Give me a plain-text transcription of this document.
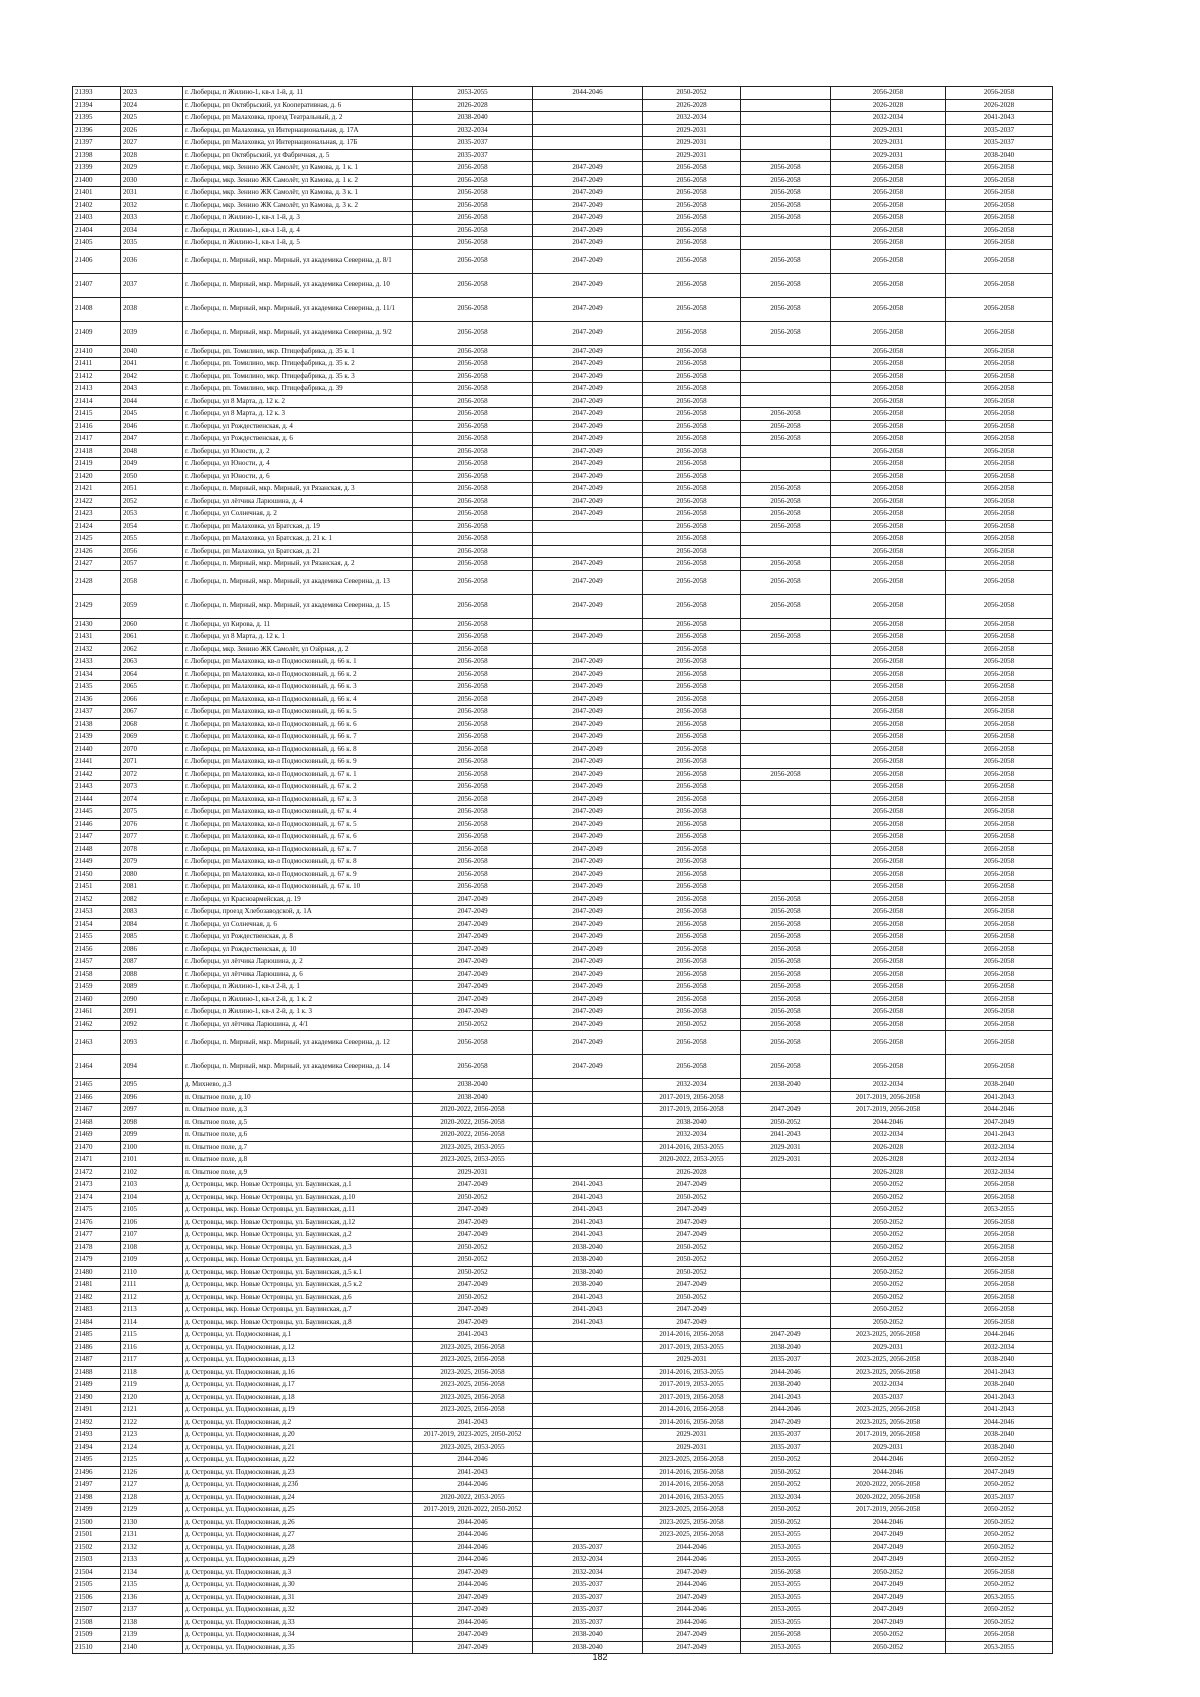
21393	2023	г. Люберцы, п Жилино-1, кв-л 1-й, д. 11	2053-2055	2044-2046	2050-2052		2056-2058	2056-2058
21394	2024	г. Люберцы, рп Октябрьский, ул Кооперативная, д. 6	2026-2028		2026-2028		2026-2028	2026-2028
21395	2025	г. Люберцы, рп Малаховка, проезд Театральный, д. 2	2038-2040		2032-2034		2032-2034	2041-2043
21396	2026	г. Люберцы, рп Малаховка, ул Интернациональная, д. 17А	2032-2034		2029-2031		2029-2031	2035-2037
21397	2027	г. Люберцы, рп Малаховка, ул Интернациональная, д. 17Б	2035-2037		2029-2031		2029-2031	2035-2037
21398	2028	г. Люберцы, рп Октябрьский, ул Фабричная, д. 5	2035-2037		2029-2031		2029-2031	2038-2040
21399	2029	г. Люберцы, мкр. Зенино ЖК Самолёт, ул Камова, д. 1 к. 1	2056-2058	2047-2049	2056-2058	2056-2058	2056-2058	2056-2058
21400	2030	г. Люберцы, мкр. Зенино ЖК Самолёт, ул Камова, д. 1 к. 2	2056-2058	2047-2049	2056-2058	2056-2058	2056-2058	2056-2058
21401	2031	г. Люберцы, мкр. Зенино ЖК Самолёт, ул Камова, д. 3 к. 1	2056-2058	2047-2049	2056-2058	2056-2058	2056-2058	2056-2058
21402	2032	г. Люберцы, мкр. Зенино ЖК Самолёт, ул Камова, д. 3 к. 2	2056-2058	2047-2049	2056-2058	2056-2058	2056-2058	2056-2058
21403	2033	г. Люберцы, п Жилино-1, кв-л 1-й, д. 3	2056-2058	2047-2049	2056-2058	2056-2058	2056-2058	2056-2058
21404	2034	г. Люберцы, п Жилино-1, кв-л 1-й, д. 4	2056-2058	2047-2049	2056-2058		2056-2058	2056-2058
21405	2035	г. Люберцы, п Жилино-1, кв-л 1-й, д. 5	2056-2058	2047-2049	2056-2058		2056-2058	2056-2058
21406	2036	г. Люберцы, п. Мирный, мкр. Мирный, ул академика Северина, д. 8/1	2056-2058	2047-2049	2056-2058	2056-2058	2056-2058	2056-2058
21407	2037	г. Люберцы, п. Мирный, мкр. Мирный, ул академика Северина, д. 10	2056-2058	2047-2049	2056-2058	2056-2058	2056-2058	2056-2058
21408	2038	г. Люберцы, п. Мирный, мкр. Мирный, ул академика Северина, д. 11/1	2056-2058	2047-2049	2056-2058	2056-2058	2056-2058	2056-2058
21409	2039	г. Люберцы, п. Мирный, мкр. Мирный, ул академика Северина, д. 9/2	2056-2058	2047-2049	2056-2058	2056-2058	2056-2058	2056-2058
21410	2040	г. Люберцы, рп. Томилино, мкр. Птицефабрика, д. 35 к. 1	2056-2058	2047-2049	2056-2058		2056-2058	2056-2058
21411	2041	г. Люберцы, рп. Томилино, мкр. Птицефабрика, д. 35 к. 2	2056-2058	2047-2049	2056-2058		2056-2058	2056-2058
21412	2042	г. Люберцы, рп. Томилино, мкр. Птицефабрика, д. 35 к. 3	2056-2058	2047-2049	2056-2058		2056-2058	2056-2058
21413	2043	г. Люберцы, рп. Томилино, мкр. Птицефабрика, д. 39	2056-2058	2047-2049	2056-2058		2056-2058	2056-2058
21414	2044	г. Люберцы, ул 8 Марта, д. 12 к. 2	2056-2058	2047-2049	2056-2058		2056-2058	2056-2058
21415	2045	г. Люберцы, ул 8 Марта, д. 12 к. 3	2056-2058	2047-2049	2056-2058	2056-2058	2056-2058	2056-2058
21416	2046	г. Люберцы, ул Рождественская, д. 4	2056-2058	2047-2049	2056-2058	2056-2058	2056-2058	2056-2058
21417	2047	г. Люберцы, ул Рождественская, д. 6	2056-2058	2047-2049	2056-2058	2056-2058	2056-2058	2056-2058
21418	2048	г. Люберцы, ул Юности, д. 2	2056-2058	2047-2049	2056-2058		2056-2058	2056-2058
21419	2049	г. Люберцы, ул Юности, д. 4	2056-2058	2047-2049	2056-2058		2056-2058	2056-2058
21420	2050	г. Люберцы, ул Юности, д. 6	2056-2058	2047-2049	2056-2058		2056-2058	2056-2058
21421	2051	г. Люберцы, п. Мирный, мкр. Мирный, ул Рязанская, д. 3	2056-2058	2047-2049	2056-2058	2056-2058	2056-2058	2056-2058
21422	2052	г. Люберцы, ул лётчика Ларюшина, д. 4	2056-2058	2047-2049	2056-2058	2056-2058	2056-2058	2056-2058
21423	2053	г. Люберцы, ул Солнечная, д. 2	2056-2058	2047-2049	2056-2058	2056-2058	2056-2058	2056-2058
21424	2054	г. Люберцы, рп Малаховка, ул Братская, д. 19	2056-2058		2056-2058	2056-2058	2056-2058	2056-2058
21425	2055	г. Люберцы, рп Малаховка, ул Братская, д. 21 к. 1	2056-2058		2056-2058		2056-2058	2056-2058
21426	2056	г. Люберцы, рп Малаховка, ул Братская, д. 21	2056-2058		2056-2058		2056-2058	2056-2058
21427	2057	г. Люберцы, п. Мирный, мкр. Мирный, ул Рязанская, д. 2	2056-2058	2047-2049	2056-2058	2056-2058	2056-2058	2056-2058
21428	2058	г. Люберцы, п. Мирный, мкр. Мирный, ул академика Северина, д. 13	2056-2058	2047-2049	2056-2058	2056-2058	2056-2058	2056-2058
21429	2059	г. Люберцы, п. Мирный, мкр. Мирный, ул академика Северина, д. 15	2056-2058	2047-2049	2056-2058	2056-2058	2056-2058	2056-2058
21430	2060	г. Люберцы, ул Кирова, д. 11	2056-2058		2056-2058		2056-2058	2056-2058
21431	2061	г. Люберцы, ул 8 Марта, д. 12 к. 1	2056-2058	2047-2049	2056-2058	2056-2058	2056-2058	2056-2058
21432	2062	г. Люберцы, мкр. Зенино ЖК Самолёт, ул Озёрная, д. 2	2056-2058		2056-2058		2056-2058	2056-2058
21433	2063	г. Люберцы, рп Малаховка, кв-л Подмосковный, д. 66 к. 1	2056-2058	2047-2049	2056-2058		2056-2058	2056-2058
21434	2064	г. Люберцы, рп Малаховка, кв-л Подмосковный, д. 66 к. 2	2056-2058	2047-2049	2056-2058		2056-2058	2056-2058
21435	2065	г. Люберцы, рп Малаховка, кв-л Подмосковный, д. 66 к. 3	2056-2058	2047-2049	2056-2058		2056-2058	2056-2058
21436	2066	г. Люберцы, рп Малаховка, кв-л Подмосковный, д. 66 к. 4	2056-2058	2047-2049	2056-2058		2056-2058	2056-2058
21437	2067	г. Люберцы, рп Малаховка, кв-л Подмосковный, д. 66 к. 5	2056-2058	2047-2049	2056-2058		2056-2058	2056-2058
21438	2068	г. Люберцы, рп Малаховка, кв-л Подмосковный, д. 66 к. 6	2056-2058	2047-2049	2056-2058		2056-2058	2056-2058
21439	2069	г. Люберцы, рп Малаховка, кв-л Подмосковный, д. 66 к. 7	2056-2058	2047-2049	2056-2058		2056-2058	2056-2058
21440	2070	г. Люберцы, рп Малаховка, кв-л Подмосковный, д. 66 к. 8	2056-2058	2047-2049	2056-2058		2056-2058	2056-2058
21441	2071	г. Люберцы, рп Малаховка, кв-л Подмосковный, д. 66 к. 9	2056-2058	2047-2049	2056-2058		2056-2058	2056-2058
21442	2072	г. Люберцы, рп Малаховка, кв-л Подмосковный, д. 67 к. 1	2056-2058	2047-2049	2056-2058	2056-2058	2056-2058	2056-2058
21443	2073	г. Люберцы, рп Малаховка, кв-л Подмосковный, д. 67 к. 2	2056-2058	2047-2049	2056-2058		2056-2058	2056-2058
21444	2074	г. Люберцы, рп Малаховка, кв-л Подмосковный, д. 67 к. 3	2056-2058	2047-2049	2056-2058		2056-2058	2056-2058
21445	2075	г. Люберцы, рп Малаховка, кв-л Подмосковный, д. 67 к. 4	2056-2058	2047-2049	2056-2058		2056-2058	2056-2058
21446	2076	г. Люберцы, рп Малаховка, кв-л Подмосковный, д. 67 к. 5	2056-2058	2047-2049	2056-2058		2056-2058	2056-2058
21447	2077	г. Люберцы, рп Малаховка, кв-л Подмосковный, д. 67 к. 6	2056-2058	2047-2049	2056-2058		2056-2058	2056-2058
21448	2078	г. Люберцы, рп Малаховка, кв-л Подмосковный, д. 67 к. 7	2056-2058	2047-2049	2056-2058		2056-2058	2056-2058
21449	2079	г. Люберцы, рп Малаховка, кв-л Подмосковный, д. 67 к. 8	2056-2058	2047-2049	2056-2058		2056-2058	2056-2058
21450	2080	г. Люберцы, рп Малаховка, кв-л Подмосковный, д. 67 к. 9	2056-2058	2047-2049	2056-2058		2056-2058	2056-2058
21451	2081	г. Люберцы, рп Малаховка, кв-л Подмосковный, д. 67 к. 10	2056-2058	2047-2049	2056-2058		2056-2058	2056-2058
21452	2082	г. Люберцы, ул Красноармейская, д. 19	2047-2049	2047-2049	2056-2058	2056-2058	2056-2058	2056-2058
21453	2083	г. Люберцы, проезд Хлебозаводской, д. 1А	2047-2049	2047-2049	2056-2058	2056-2058	2056-2058	2056-2058
21454	2084	г. Люберцы, ул Солнечная, д. 6	2047-2049	2047-2049	2056-2058	2056-2058	2056-2058	2056-2058
21455	2085	г. Люберцы, ул Рождественская, д. 8	2047-2049	2047-2049	2056-2058	2056-2058	2056-2058	2056-2058
21456	2086	г. Люберцы, ул Рождественская, д. 10	2047-2049	2047-2049	2056-2058	2056-2058	2056-2058	2056-2058
21457	2087	г. Люберцы, ул лётчика Ларюшина, д. 2	2047-2049	2047-2049	2056-2058	2056-2058	2056-2058	2056-2058
21458	2088	г. Люберцы, ул лётчика Ларюшина, д. 6	2047-2049	2047-2049	2056-2058	2056-2058	2056-2058	2056-2058
21459	2089	г. Люберцы, п Жилино-1, кв-л 2-й, д. 1	2047-2049	2047-2049	2056-2058	2056-2058	2056-2058	2056-2058
21460	2090	г. Люберцы, п Жилино-1, кв-л 2-й, д. 1 к. 2	2047-2049	2047-2049	2056-2058	2056-2058	2056-2058	2056-2058
21461	2091	г. Люберцы, п Жилино-1, кв-л 2-й, д. 1 к. 3	2047-2049	2047-2049	2056-2058	2056-2058	2056-2058	2056-2058
21462	2092	г. Люберцы, ул лётчика Ларюшина, д. 4/1	2050-2052	2047-2049	2050-2052	2056-2058	2056-2058	2056-2058
21463	2093	г. Люберцы, п. Мирный, мкр. Мирный, ул академика Северина, д. 12	2056-2058	2047-2049	2056-2058	2056-2058	2056-2058	2056-2058
21464	2094	г. Люберцы, п. Мирный, мкр. Мирный, ул академика Северина, д. 14	2056-2058	2047-2049	2056-2058	2056-2058	2056-2058	2056-2058
21465	2095	д. Михнево, д.3	2038-2040		2032-2034	2038-2040	2032-2034	2038-2040
21466	2096	п. Опытное поле, д.10	2038-2040		2017-2019, 2056-2058		2017-2019, 2056-2058	2041-2043
21467	2097	п. Опытное поле, д.3	2020-2022, 2056-2058		2017-2019, 2056-2058	2047-2049	2017-2019, 2056-2058	2044-2046
21468	2098	п. Опытное поле, д.5	2020-2022, 2056-2058		2038-2040	2050-2052	2044-2046	2047-2049
21469	2099	п. Опытное поле, д.6	2020-2022, 2056-2058		2032-2034	2041-2043	2032-2034	2041-2043
21470	2100	п. Опытное поле, д.7	2023-2025, 2053-2055		2014-2016, 2053-2055	2029-2031	2026-2028	2032-2034
21471	2101	п. Опытное поле, д.8	2023-2025, 2053-2055		2020-2022, 2053-2055	2029-2031	2026-2028	2032-2034
21472	2102	п. Опытное поле, д.9	2029-2031		2026-2028		2026-2028	2032-2034
21473	2103	д. Островцы, мкр. Новые Островцы, ул. Баулинская, д.1	2047-2049	2041-2043	2047-2049		2050-2052	2056-2058
21474	2104	д. Островцы, мкр. Новые Островцы, ул. Баулинская, д.10	2050-2052	2041-2043	2050-2052		2050-2052	2056-2058
21475	2105	д. Островцы, мкр. Новые Островцы, ул. Баулинская, д.11	2047-2049	2041-2043	2047-2049		2050-2052	2053-2055
21476	2106	д. Островцы, мкр. Новые Островцы, ул. Баулинская, д.12	2047-2049	2041-2043	2047-2049		2050-2052	2056-2058
21477	2107	д. Островцы, мкр. Новые Островцы, ул. Баулинская, д.2	2047-2049	2041-2043	2047-2049		2050-2052	2056-2058
21478	2108	д. Островцы, мкр. Новые Островцы, ул. Баулинская, д.3	2050-2052	2038-2040	2050-2052		2050-2052	2056-2058
21479	2109	д. Островцы, мкр. Новые Островцы, ул. Баулинская, д.4	2050-2052	2038-2040	2050-2052		2050-2052	2056-2058
21480	2110	д. Островцы, мкр. Новые Островцы, ул. Баулинская, д.5 к.1	2050-2052	2038-2040	2050-2052		2050-2052	2056-2058
21481	2111	д. Островцы, мкр. Новые Островцы, ул. Баулинская, д.5 к.2	2047-2049	2038-2040	2047-2049		2050-2052	2056-2058
21482	2112	д. Островцы, мкр. Новые Островцы, ул. Баулинская, д.6	2050-2052	2041-2043	2050-2052		2050-2052	2056-2058
21483	2113	д. Островцы, мкр. Новые Островцы, ул. Баулинская, д.7	2047-2049	2041-2043	2047-2049		2050-2052	2056-2058
21484	2114	д. Островцы, мкр. Новые Островцы, ул. Баулинская, д.8	2047-2049	2041-2043	2047-2049		2050-2052	2056-2058
21485	2115	д. Островцы, ул. Подмосковная, д.1	2041-2043		2014-2016, 2056-2058	2047-2049	2023-2025, 2056-2058	2044-2046
21486	2116	д. Островцы, ул. Подмосковная, д.12	2023-2025, 2056-2058		2017-2019, 2053-2055	2038-2040	2029-2031	2032-2034
21487	2117	д. Островцы, ул. Подмосковная, д.13	2023-2025, 2056-2058		2029-2031	2035-2037	2023-2025, 2056-2058	2038-2040
21488	2118	д. Островцы, ул. Подмосковная, д.16	2023-2025, 2056-2058		2014-2016, 2053-2055	2044-2046	2023-2025, 2056-2058	2041-2043
21489	2119	д. Островцы, ул. Подмосковная, д.17	2023-2025, 2056-2058		2017-2019, 2053-2055	2038-2040	2032-2034	2038-2040
21490	2120	д. Островцы, ул. Подмосковная, д.18	2023-2025, 2056-2058		2017-2019, 2056-2058	2041-2043	2035-2037	2041-2043
21491	2121	д. Островцы, ул. Подмосковная, д.19	2023-2025, 2056-2058		2014-2016, 2056-2058	2044-2046	2023-2025, 2056-2058	2041-2043
21492	2122	д. Островцы, ул. Подмосковная, д.2	2041-2043		2014-2016, 2056-2058	2047-2049	2023-2025, 2056-2058	2044-2046
21493	2123	д. Островцы, ул. Подмосковная, д.20	2017-2019, 2023-2025, 2050-2052		2029-2031	2035-2037	2017-2019, 2056-2058	2038-2040
21494	2124	д. Островцы, ул. Подмосковная, д.21	2023-2025, 2053-2055		2029-2031	2035-2037	2029-2031	2038-2040
21495	2125	д. Островцы, ул. Подмосковная, д.22	2044-2046		2023-2025, 2056-2058	2050-2052	2044-2046	2050-2052
21496	2126	д. Островцы, ул. Подмосковная, д.23	2041-2043		2014-2016, 2056-2058	2050-2052	2044-2046	2047-2049
21497	2127	д. Островцы, ул. Подмосковная, д.23б	2044-2046		2014-2016, 2056-2058	2050-2052	2020-2022, 2056-2058	2050-2052
21498	2128	д. Островцы, ул. Подмосковная, д.24	2020-2022, 2053-2055		2014-2016, 2053-2055	2032-2034	2020-2022, 2056-2058	2035-2037
21499	2129	д. Островцы, ул. Подмосковная, д.25	2017-2019, 2020-2022, 2050-2052		2023-2025, 2056-2058	2050-2052	2017-2019, 2056-2058	2050-2052
21500	2130	д. Островцы, ул. Подмосковная, д.26	2044-2046		2023-2025, 2056-2058	2050-2052	2044-2046	2050-2052
21501	2131	д. Островцы, ул. Подмосковная, д.27	2044-2046		2023-2025, 2056-2058	2053-2055	2047-2049	2050-2052
21502	2132	д. Островцы, ул. Подмосковная, д.28	2044-2046	2035-2037	2044-2046	2053-2055	2047-2049	2050-2052
21503	2133	д. Островцы, ул. Подмосковная, д.29	2044-2046	2032-2034	2044-2046	2053-2055	2047-2049	2050-2052
21504	2134	д. Островцы, ул. Подмосковная, д.3	2047-2049	2032-2034	2047-2049	2056-2058	2050-2052	2056-2058
21505	2135	д. Островцы, ул. Подмосковная, д.30	2044-2046	2035-2037	2044-2046	2053-2055	2047-2049	2050-2052
21506	2136	д. Островцы, ул. Подмосковная, д.31	2047-2049	2035-2037	2047-2049	2053-2055	2047-2049	2053-2055
21507	2137	д. Островцы, ул. Подмосковная, д.32	2047-2049	2035-2037	2044-2046	2053-2055	2047-2049	2050-2052
21508	2138	д. Островцы, ул. Подмосковная, д.33	2044-2046	2035-2037	2044-2046	2053-2055	2047-2049	2050-2052
21509	2139	д. Островцы, ул. Подмосковная, д.34	2047-2049	2038-2040	2047-2049	2056-2058	2050-2052	2056-2058
21510	2140	д. Островцы, ул. Подмосковная, д.35	2047-2049	2038-2040	2047-2049	2053-2055	2050-2052	2053-2055
182
